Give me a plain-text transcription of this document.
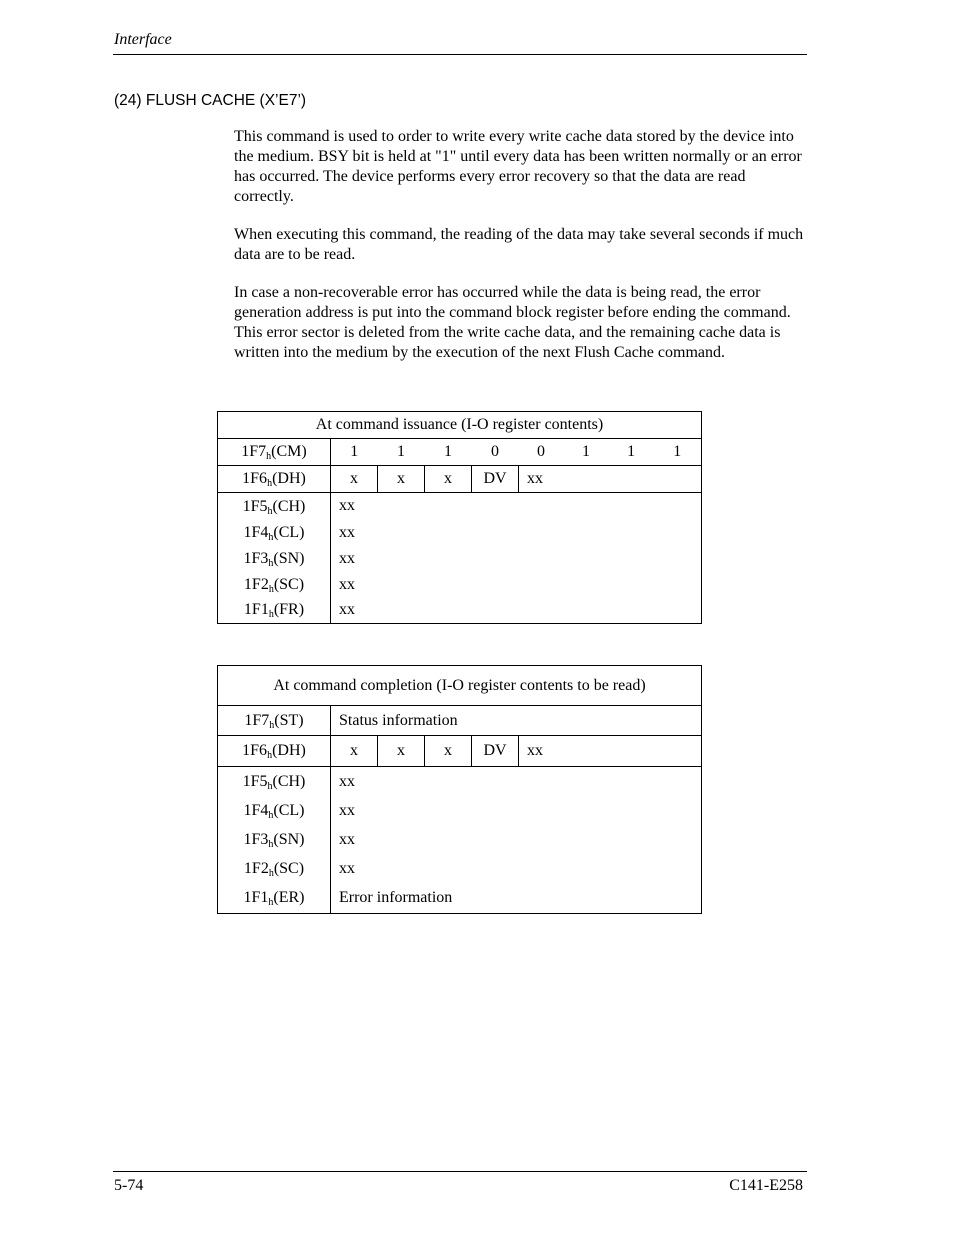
Interface
(24) FLUSH CACHE (X’E7’)

This command is used to order to write every write cache data stored by the device into the medium. BSY bit is held at "1" until every data has been written normally or an error has occurred. The device performs every error recovery so that the data are read correctly.

When executing this command, the reading of the data may take several seconds if much data are to be read.

In case a non-recoverable error has occurred while the data is being read, the error generation address is put into the command block register before ending the command. This error sector is deleted from the write cache data, and the remaining cache data is written into the medium by the execution of the next Flush Cache command.

At command issuance (I-O register contents)								
$1F7_h(CM)$	1	1	1	0	0	1	1	1
$1F6_h(DH)$	x	x	x	DV	xx			
$1F5_h(CH)$	xx							
$1F4_h(CL)$	xx							
$1F3_h(SN)$	xx							
$1F2_h(SC)$	xx							
$1F1_h(FR)$	xx							
At command completion (I-O register contents to be read)					
$1F7_h(ST)$	Status information				
$1F6_h(DH)$	x	x	x	DV	xx
$1F5_h(CH)$	xx				
$1F4_h(CL)$	xx				
$1F3_h(SN)$	xx				
$1F2_h(SC)$	xx				
$1F1_h(ER)$	Error information				
5-74	C141-E258
